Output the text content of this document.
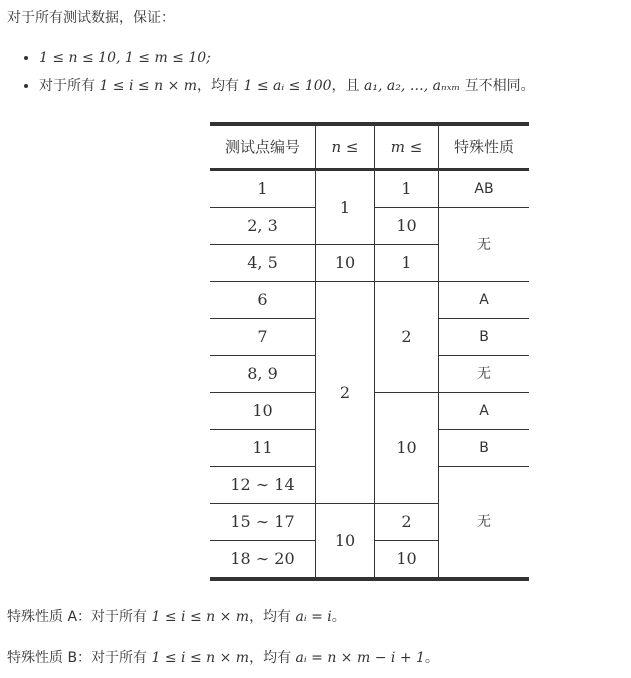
对于所有测试数据，保证：

• 1 ≤ n ≤ 10, 1 ≤ m ≤ 10;
• 对于所有 1 ≤ i ≤ n × m，均有 1 ≤ aᵢ ≤ 100，且 a₁, a₂, …, aₙₓₘ 互不相同。
测试点编号	n ≤	m ≤	特殊性质
1	1	1	AB
2, 3		10	无
4, 5	10	1	
6	2	2	A
7			B
8, 9			无
10		10	A
11			B
12 ∼ 14			无
15 ∼ 17	10	2	
18 ∼ 20		10	

特殊性质 A：对于所有 1 ≤ i ≤ n × m，均有 aᵢ = i。

特殊性质 B：对于所有 1 ≤ i ≤ n × m，均有 aᵢ = n × m − i + 1。
